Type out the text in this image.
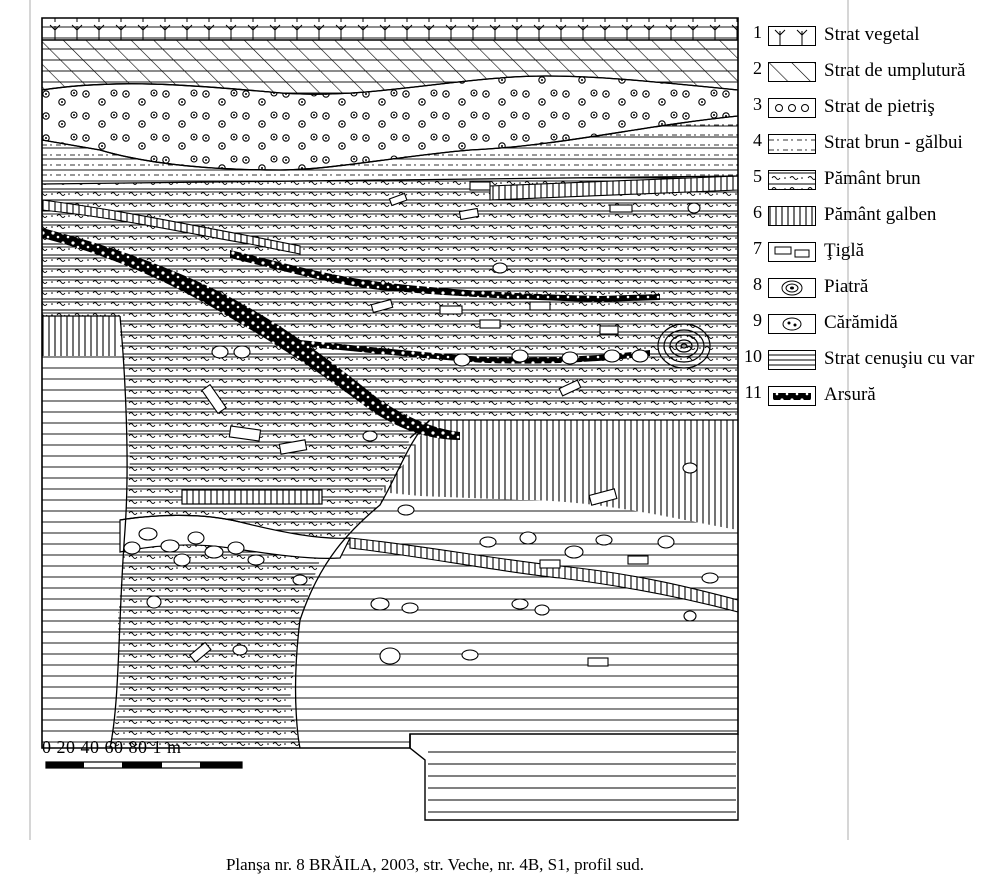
0 20 40 60 80 1 m
1	Strat vegetal
2	Strat de umplutură
3	Strat de pietriş
4	Strat brun - gălbui
5	Pământ brun
6	Pământ galben
7	Ţiglă
8	Piatră
9	Cărămidă
10	Strat cenuşiu cu var
11	Arsură
Planşa nr. 8 BRĂILA, 2003, str. Veche, nr. 4B, S1, profil sud.
